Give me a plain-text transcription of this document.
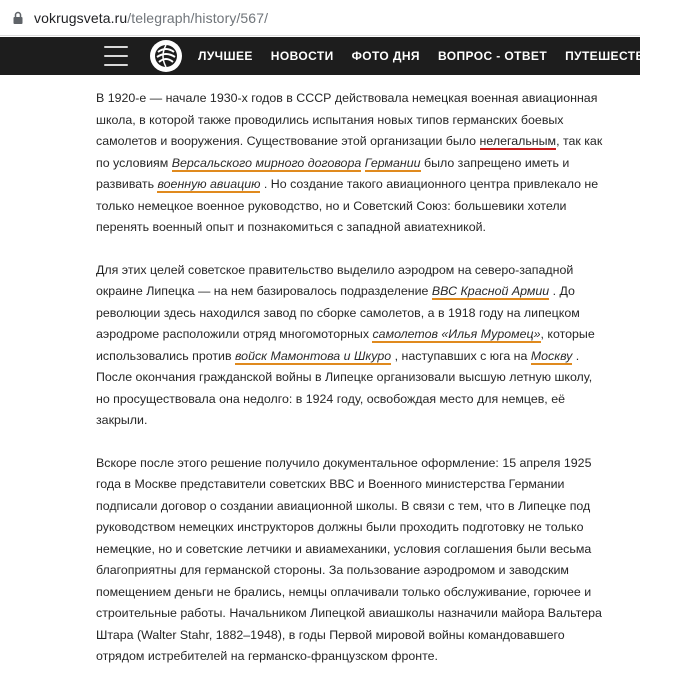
vokrugsveta.ru/telegraph/history/567/
ЛУЧШЕЕ НОВОСТИ ФОТО ДНЯ ВОПРОС - ОТВЕТ ПУТЕШЕСТВИЯ

В 1920-е — начале 1930-х годов в СССР действовала немецкая военная авиационная школа, в которой также проводились испытания новых типов германских боевых самолетов и вооружения. Существование этой организации было нелегальным, так как по условиям Версальского мирного договора Германии было запрещено иметь и развивать военную авиацию . Но создание такого авиационного центра привлекало не только немецкое военное руководство, но и Советский Союз: большевики хотели перенять военный опыт и познакомиться с западной авиатехникой.

Для этих целей советское правительство выделило аэродром на северо-западной окраине Липецка — на нем базировалось подразделение ВВС Красной Армии . До революции здесь находился завод по сборке самолетов, а в 1918 году на липецком аэродроме расположили отряд многомоторных самолетов «Илья Муромец», которые использовались против войск Мамонтова и Шкуро , наступавших с юга на Москву . После окончания гражданской войны в Липецке организовали высшую летную школу, но просуществовала она недолго: в 1924 году, освобождая место для немцев, её закрыли.

Вскоре после этого решение получило документальное оформление: 15 апреля 1925 года в Москве представители советских ВВС и Военного министерства Германии подписали договор о создании авиационной школы. В связи с тем, что в Липецке под руководством немецких инструкторов должны были проходить подготовку не только немецкие, но и советские летчики и авиамеханики, условия соглашения были весьма благоприятны для германской стороны. За пользование аэродромом и заводским помещением деньги не брались, немцы оплачивали только обслуживание, горючее и строительные работы. Начальником Липецкой авиашколы назначили майора Вальтера Штара (Walter Stahr, 1882–1948), в годы Первой мировой войны командовавшего отрядом истребителей на германско-французском фронте.
